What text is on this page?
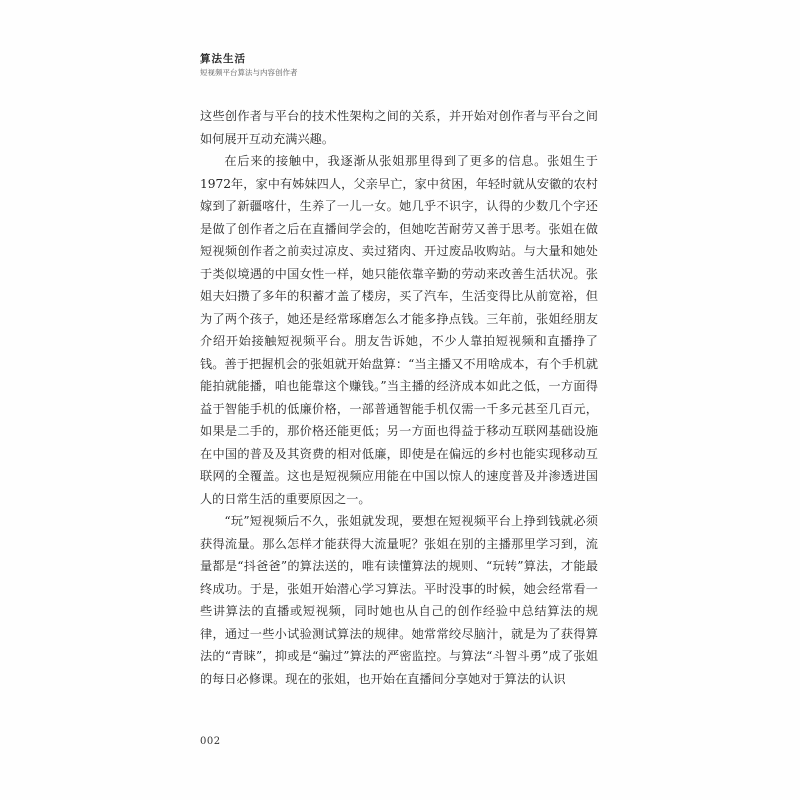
算法生活
短视频平台算法与内容创作者

这些创作者与平台的技术性架构之间的关系，并开始对创作者与平台之间如何展开互动充满兴趣。

在后来的接触中，我逐渐从张姐那里得到了更多的信息。张姐生于1972年，家中有姊妹四人，父亲早亡，家中贫困，年轻时就从安徽的农村嫁到了新疆喀什，生养了一儿一女。她几乎不识字，认得的少数几个字还是做了创作者之后在直播间学会的，但她吃苦耐劳又善于思考。张姐在做短视频创作者之前卖过凉皮、卖过猪肉、开过废品收购站。与大量和她处于类似境遇的中国女性一样，她只能依靠辛勤的劳动来改善生活状况。张姐夫妇攒了多年的积蓄才盖了楼房，买了汽车，生活变得比从前宽裕，但为了两个孩子，她还是经常琢磨怎么才能多挣点钱。三年前，张姐经朋友介绍开始接触短视频平台。朋友告诉她，不少人靠拍短视频和直播挣了钱。善于把握机会的张姐就开始盘算：“当主播又不用啥成本，有个手机就能拍就能播，咱也能靠这个赚钱。”当主播的经济成本如此之低，一方面得益于智能手机的低廉价格，一部普通智能手机仅需一千多元甚至几百元，如果是二手的，那价格还能更低；另一方面也得益于移动互联网基础设施在中国的普及及其资费的相对低廉，即使是在偏远的乡村也能实现移动互联网的全覆盖。这也是短视频应用能在中国以惊人的速度普及并渗透进国人的日常生活的重要原因之一。

“玩”短视频后不久，张姐就发现，要想在短视频平台上挣到钱就必须获得流量。那么怎样才能获得大流量呢？张姐在别的主播那里学习到，流量都是“抖爸爸”的算法送的，唯有读懂算法的规则、“玩转”算法，才能最终成功。于是，张姐开始潜心学习算法。平时没事的时候，她会经常看一些讲算法的直播或短视频，同时她也从自己的创作经验中总结算法的规律，通过一些小试验测试算法的规律。她常常绞尽脑汁，就是为了获得算法的“青睐”，抑或是“骗过”算法的严密监控。与算法“斗智斗勇”成了张姐的每日必修课。现在的张姐，也开始在直播间分享她对于算法的认识

002
